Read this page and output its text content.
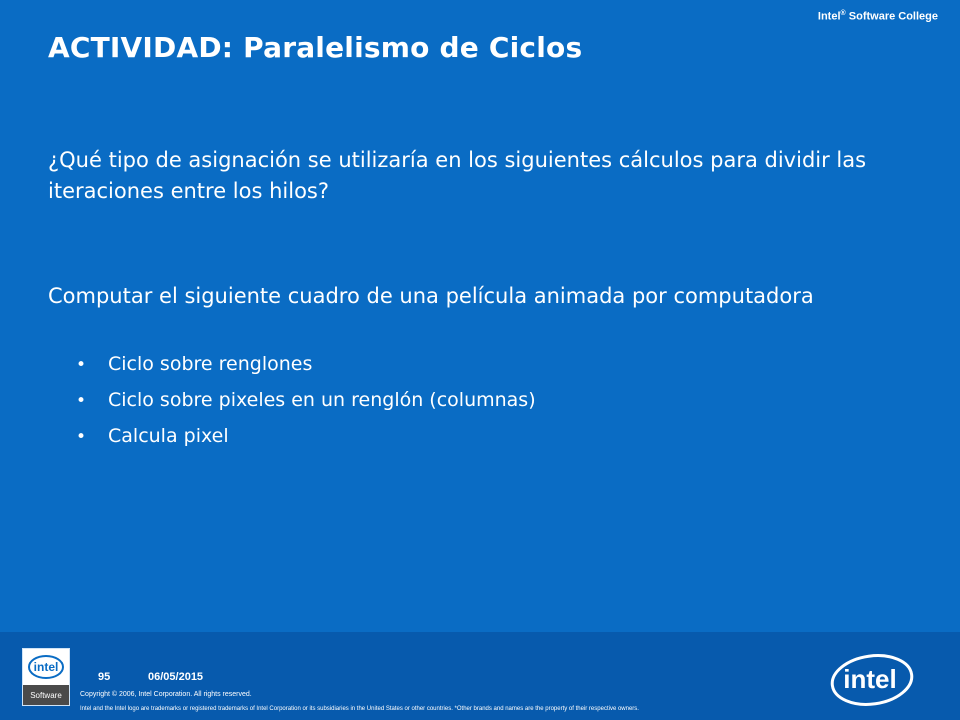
Intel® Software College
ACTIVIDAD: Paralelismo de Ciclos

¿Qué tipo de asignación se utilizaría en los siguientes cálculos para dividir las iteraciones entre los hilos?

Computar el siguiente cuadro de una película animada por computadora

•	Ciclo sobre renglones
•	Ciclo sobre pixeles en un renglón (columnas)
•	Calcula pixel
intel
Software
95	06/05/2015
Copyright © 2006, Intel Corporation. All rights reserved.
Intel and the Intel logo are trademarks or registered trademarks of Intel Corporation or its subsidiaries in the United States or other countries. *Other brands and names are the property of their respective owners.
intel
